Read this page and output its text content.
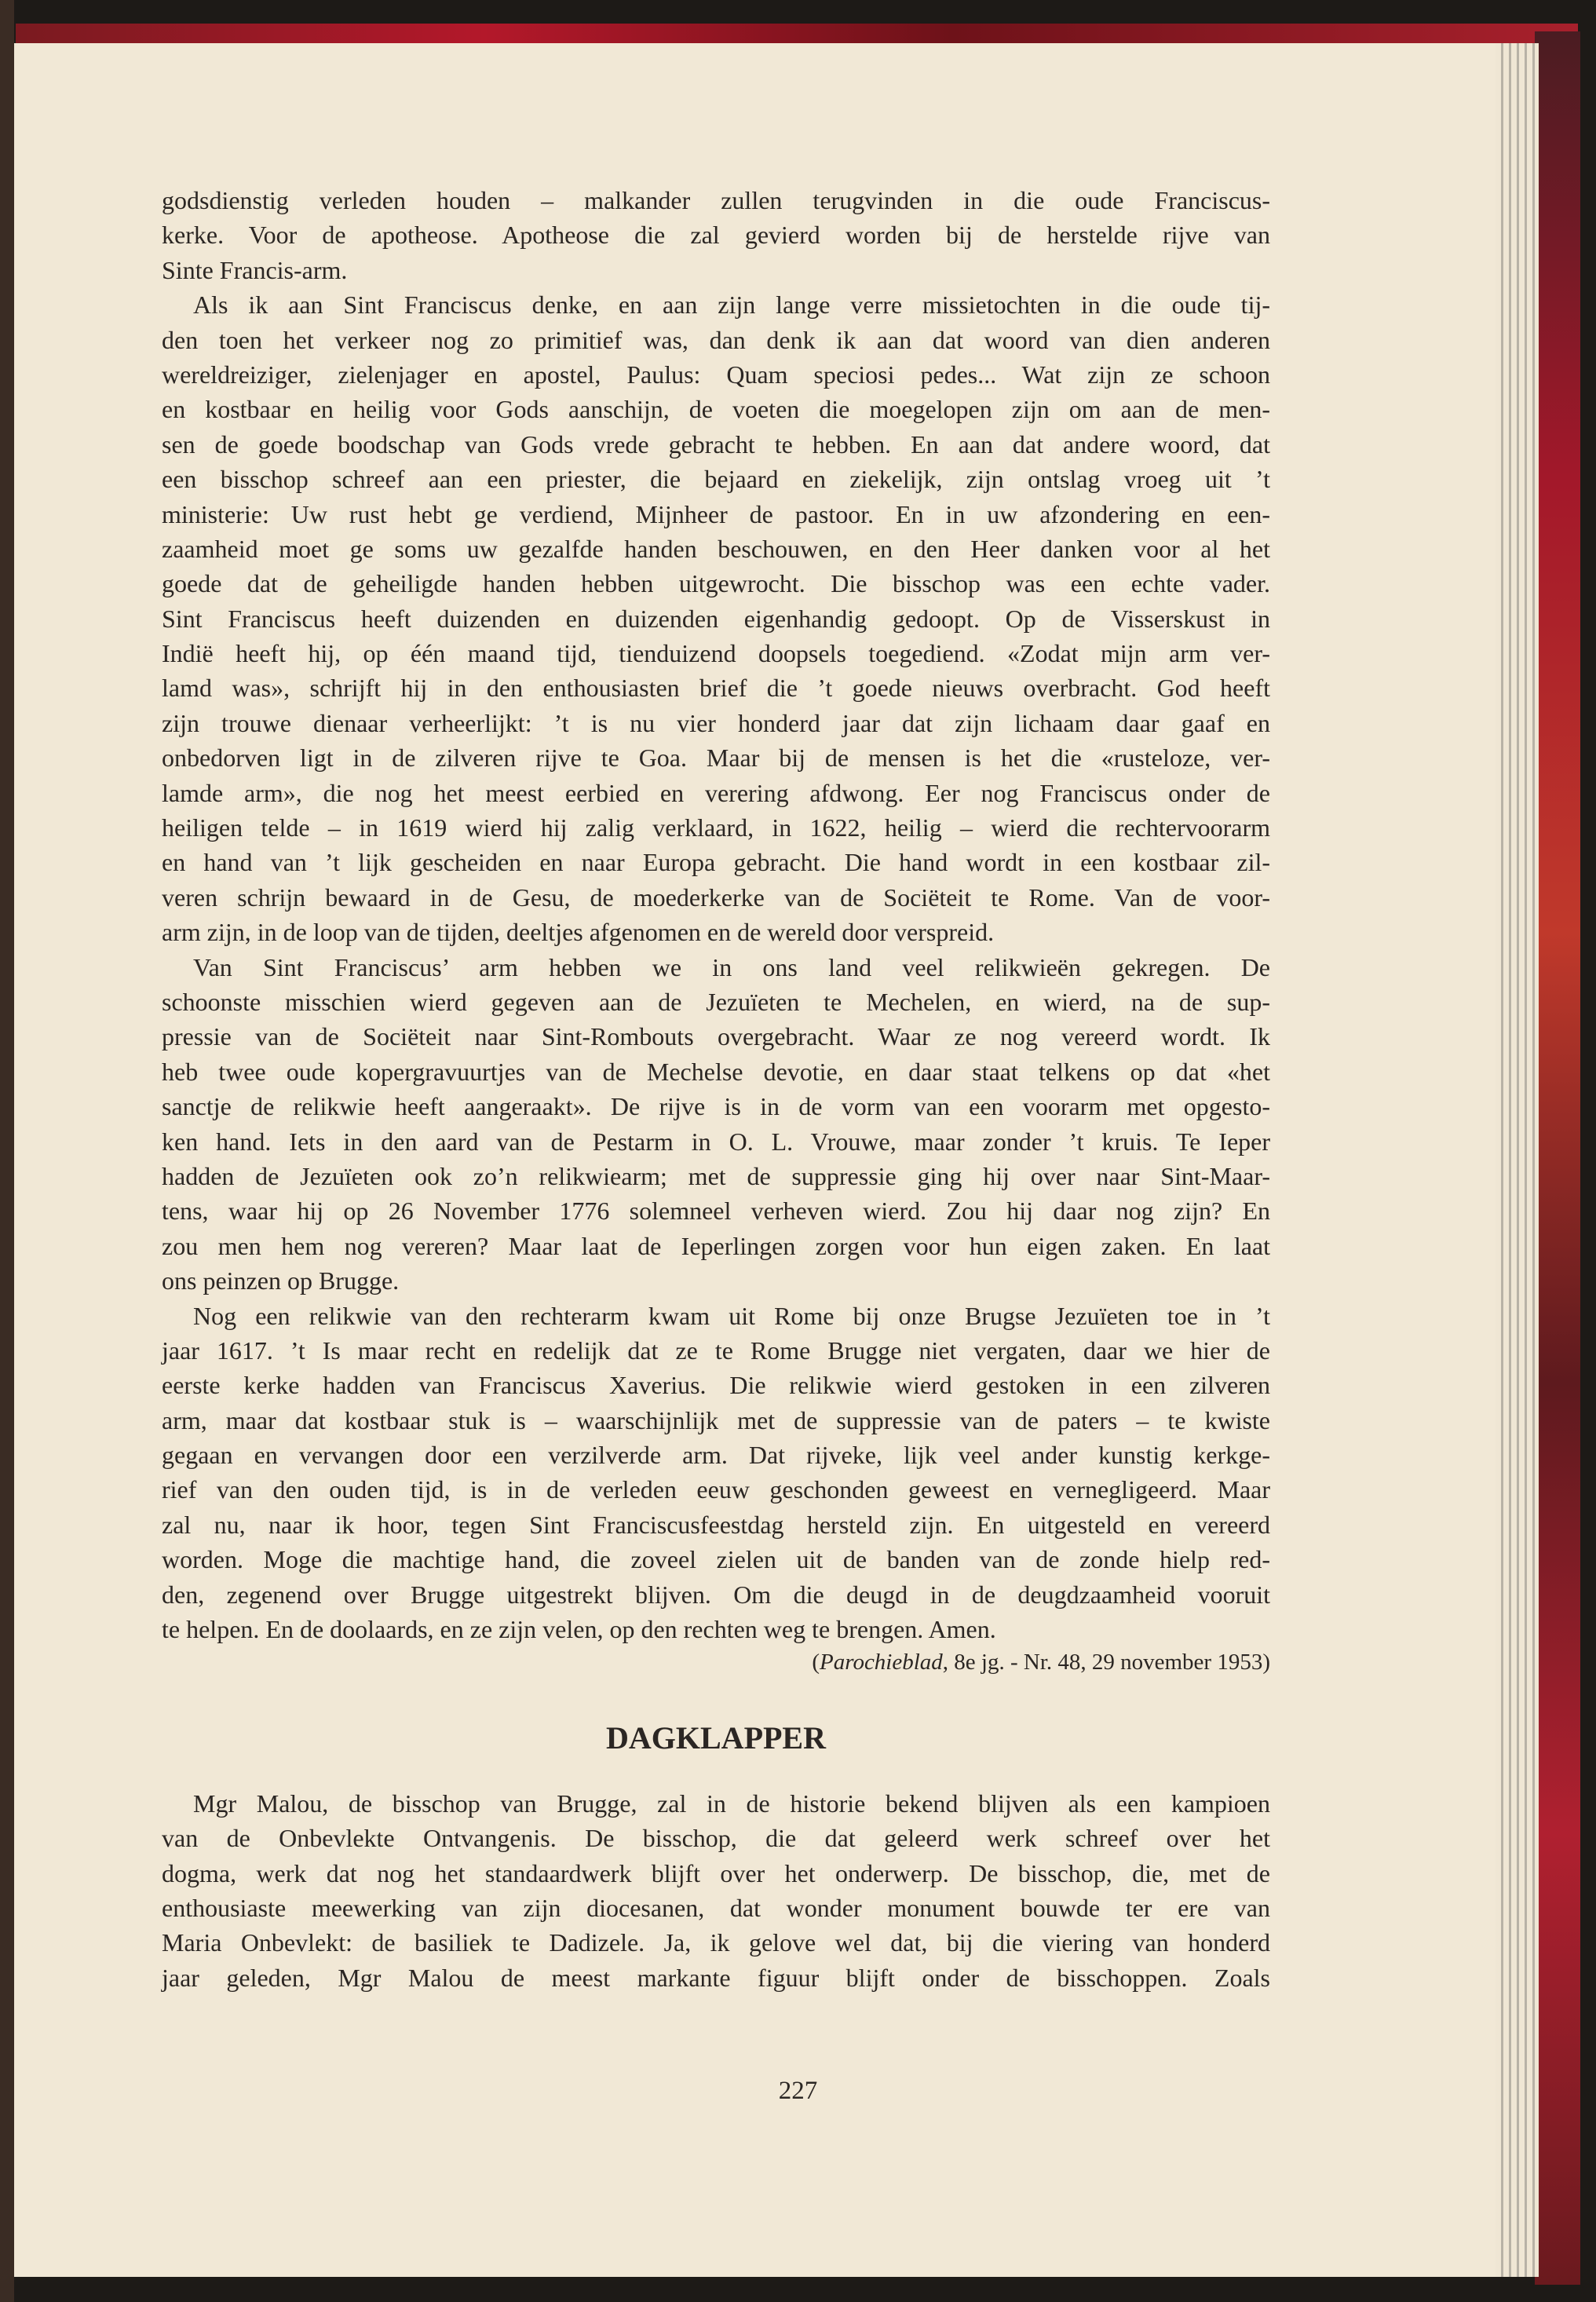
godsdienstig verleden houden – malkander zullen terugvinden in die oude Franciscus-
kerke. Voor de apotheose. Apotheose die zal gevierd worden bij de herstelde rijve van
Sinte Francis-arm.
Als ik aan Sint Franciscus denke, en aan zijn lange verre missietochten in die oude tij-
den toen het verkeer nog zo primitief was, dan denk ik aan dat woord van dien anderen
wereldreiziger, zielenjager en apostel, Paulus: Quam speciosi pedes... Wat zijn ze schoon
en kostbaar en heilig voor Gods aanschijn, de voeten die moegelopen zijn om aan de men-
sen de goede boodschap van Gods vrede gebracht te hebben. En aan dat andere woord, dat
een bisschop schreef aan een priester, die bejaard en ziekelijk, zijn ontslag vroeg uit ’t
ministerie: Uw rust hebt ge verdiend, Mijnheer de pastoor. En in uw afzondering en een-
zaamheid moet ge soms uw gezalfde handen beschouwen, en den Heer danken voor al het
goede dat de geheiligde handen hebben uitgewrocht. Die bisschop was een echte vader.
Sint Franciscus heeft duizenden en duizenden eigenhandig gedoopt. Op de Visserskust in
Indië heeft hij, op één maand tijd, tienduizend doopsels toegediend. «Zodat mijn arm ver-
lamd was», schrijft hij in den enthousiasten brief die ’t goede nieuws overbracht. God heeft
zijn trouwe dienaar verheerlijkt: ’t is nu vier honderd jaar dat zijn lichaam daar gaaf en
onbedorven ligt in de zilveren rijve te Goa. Maar bij de mensen is het die «rusteloze, ver-
lamde arm», die nog het meest eerbied en verering afdwong. Eer nog Franciscus onder de
heiligen telde – in 1619 wierd hij zalig verklaard, in 1622, heilig – wierd die rechtervoorarm
en hand van ’t lijk gescheiden en naar Europa gebracht. Die hand wordt in een kostbaar zil-
veren schrijn bewaard in de Gesu, de moederkerke van de Sociëteit te Rome. Van de voor-
arm zijn, in de loop van de tijden, deeltjes afgenomen en de wereld door verspreid.
Van Sint Franciscus’ arm hebben we in ons land veel relikwieën gekregen. De
schoonste misschien wierd gegeven aan de Jezuïeten te Mechelen, en wierd, na de sup-
pressie van de Sociëteit naar Sint-Rombouts overgebracht. Waar ze nog vereerd wordt. Ik
heb twee oude kopergravuurtjes van de Mechelse devotie, en daar staat telkens op dat «het
sanctje de relikwie heeft aangeraakt». De rijve is in de vorm van een voorarm met opgesto-
ken hand. Iets in den aard van de Pestarm in O. L. Vrouwe, maar zonder ’t kruis. Te Ieper
hadden de Jezuïeten ook zo’n relikwiearm; met de suppressie ging hij over naar Sint-Maar-
tens, waar hij op 26 November 1776 solemneel verheven wierd. Zou hij daar nog zijn? En
zou men hem nog vereren? Maar laat de Ieperlingen zorgen voor hun eigen zaken. En laat
ons peinzen op Brugge.
Nog een relikwie van den rechterarm kwam uit Rome bij onze Brugse Jezuïeten toe in ’t
jaar 1617. ’t Is maar recht en redelijk dat ze te Rome Brugge niet vergaten, daar we hier de
eerste kerke hadden van Franciscus Xaverius. Die relikwie wierd gestoken in een zilveren
arm, maar dat kostbaar stuk is – waarschijnlijk met de suppressie van de paters – te kwiste
gegaan en vervangen door een verzilverde arm. Dat rijveke, lijk veel ander kunstig kerkge-
rief van den ouden tijd, is in de verleden eeuw geschonden geweest en vernegligeerd. Maar
zal nu, naar ik hoor, tegen Sint Franciscusfeestdag hersteld zijn. En uitgesteld en vereerd
worden. Moge die machtige hand, die zoveel zielen uit de banden van de zonde hielp red-
den, zegenend over Brugge uitgestrekt blijven. Om die deugd in de deugdzaamheid vooruit
te helpen. En de doolaards, en ze zijn velen, op den rechten weg te brengen. Amen.
(Parochieblad, 8e jg. - Nr. 48, 29 november 1953)
DAGKLAPPER
Mgr Malou, de bisschop van Brugge, zal in de historie bekend blijven als een kampioen
van de Onbevlekte Ontvangenis. De bisschop, die dat geleerd werk schreef over het
dogma, werk dat nog het standaardwerk blijft over het onderwerp. De bisschop, die, met de
enthousiaste meewerking van zijn diocesanen, dat wonder monument bouwde ter ere van
Maria Onbevlekt: de basiliek te Dadizele. Ja, ik gelove wel dat, bij die viering van honderd
jaar geleden, Mgr Malou de meest markante figuur blijft onder de bisschoppen. Zoals
227
